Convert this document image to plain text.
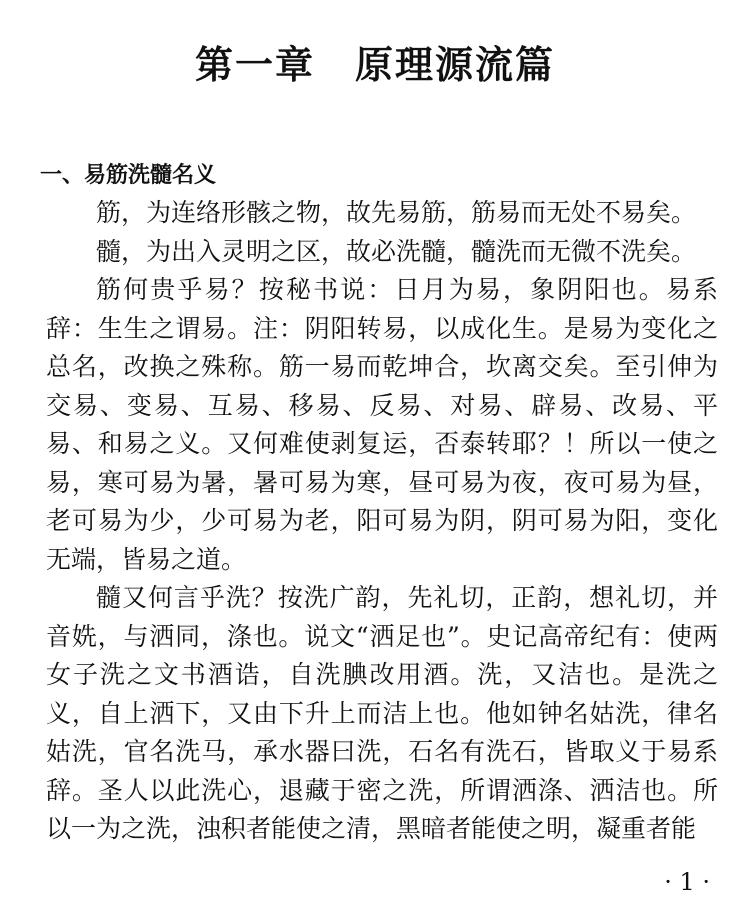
第一章　原理源流篇
一、易筋洗髓名义

筋，为连络形骸之物，故先易筋，筋易而无处不易矣。

髓，为出入灵明之区，故必洗髓，髓洗而无微不洗矣。

筋何贵乎易？按秘书说：日月为易，象阴阳也。易系辞：生生之谓易。注：阴阳转易，以成化生。是易为变化之总名，改换之殊称。筋一易而乾坤合，坎离交矣。至引伸为交易、变易、互易、移易、反易、对易、辟易、改易、平易、和易之义。又何难使剥复运，否泰转耶？！所以一使之易，寒可易为暑，暑可易为寒，昼可易为夜，夜可易为昼，老可易为少，少可易为老，阳可易为阴，阴可易为阳，变化无端，皆易之道。

髓又何言乎洗？按洗广韵，先礼切，正韵，想礼切，并音姺，与洒同，涤也。说文“洒足也”。史记高帝纪有：使两女子洗之文书酒诰，自洗腆改用酒。洗，又洁也。是洗之义，自上洒下，又由下升上而洁上也。他如钟名姑洗，律名姑洗，官名洗马，承水器曰洗，石名有洗石，皆取义于易系辞。圣人以此洗心，退藏于密之洗，所谓洒涤、洒洁也。所以一为之洗，浊积者能使之清，黑暗者能使之明，凝重者能

· 1 ·
